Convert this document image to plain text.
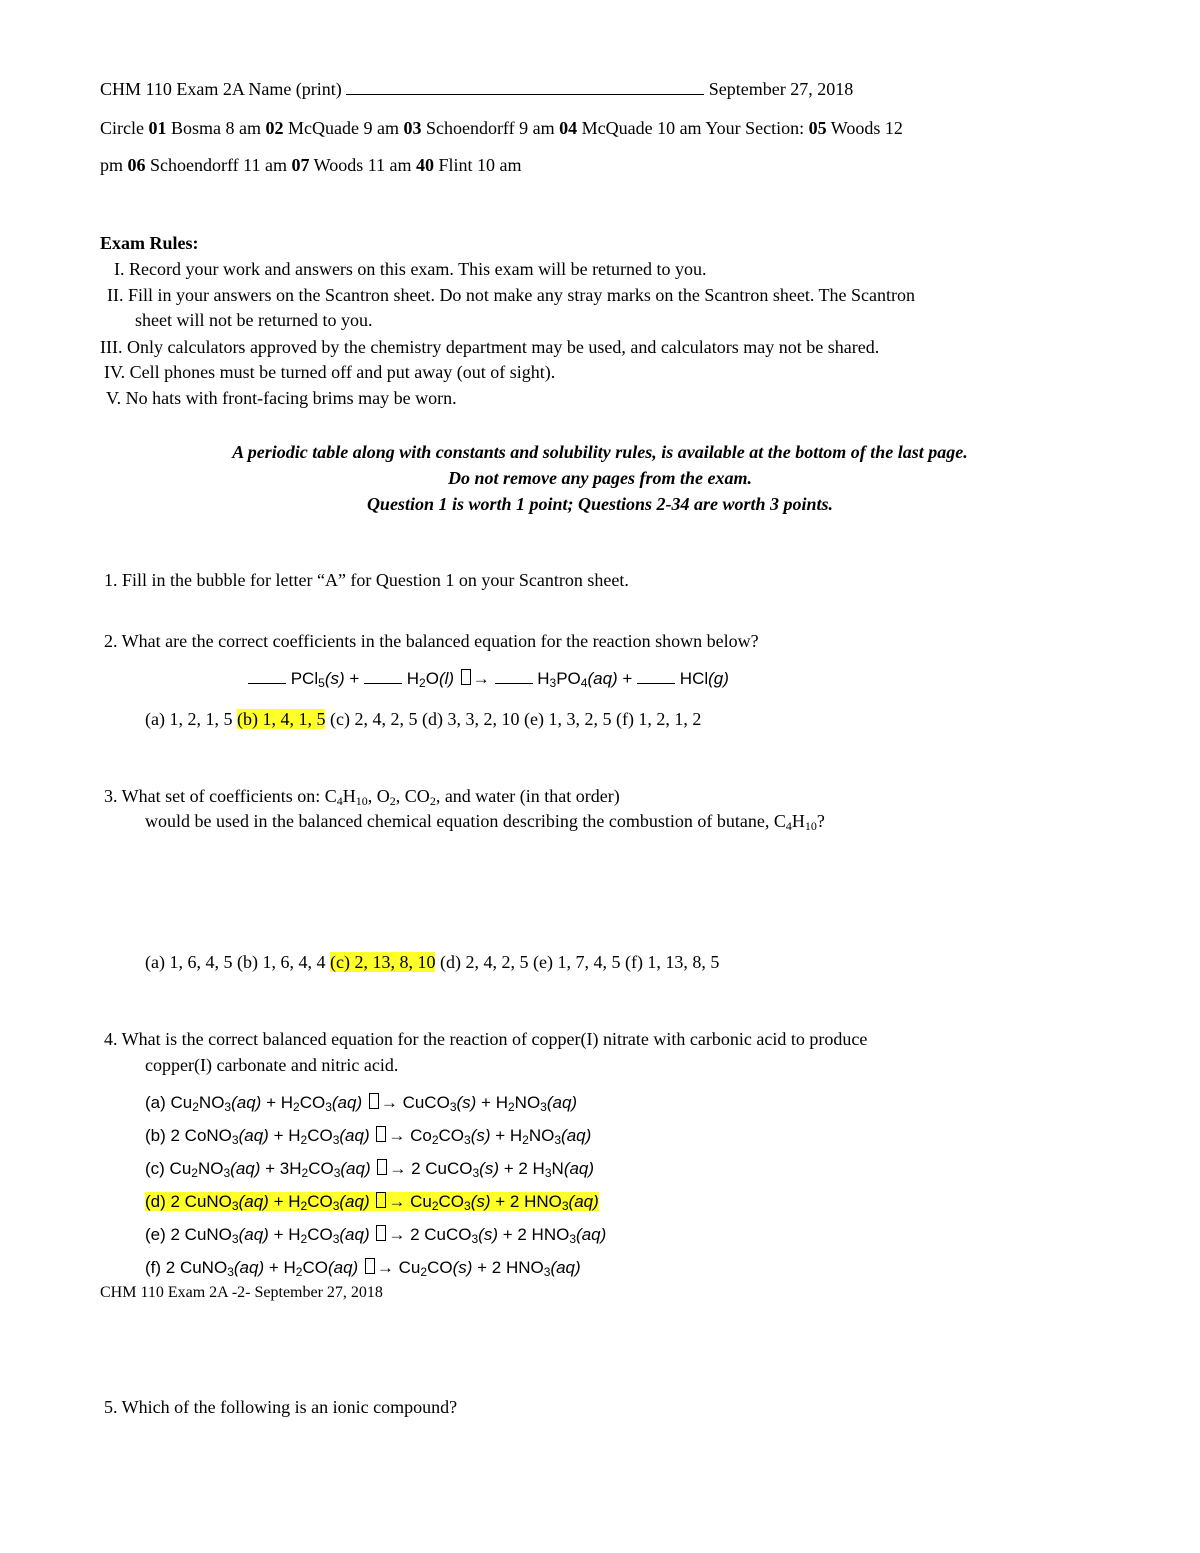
CHM 110 Exam 2A Name (print)	September 27, 2018
Circle 01 Bosma 8 am 02 McQuade 9 am 03 Schoendorff 9 am 04 McQuade 10 am Your Section: 05 Woods 12
pm 06 Schoendorff 11 am 07 Woods 11 am 40 Flint 10 am
Exam Rules:
I. Record your work and answers on this exam. This exam will be returned to you.
II. Fill in your answers on the Scantron sheet. Do not make any stray marks on the Scantron sheet. The Scantron
sheet will not be returned to you.
III. Only calculators approved by the chemistry department may be used, and calculators may not be shared.
IV. Cell phones must be turned off and put away (out of sight).
V. No hats with front-facing brims may be worn.
A periodic table along with constants and solubility rules, is available at the bottom of the last page.
Do not remove any pages from the exam.
Question 1 is worth 1 point; Questions 2-34 are worth 3 points.
1. Fill in the bubble for letter “A” for Question 1 on your Scantron sheet.
2. What are the correct coefficients in the balanced equation for the reaction shown below?
$PCl_5(s) + H_2O(l) \to H_3PO_4(aq) + HCl(g)$
(a) 1, 2, 1, 5 (b) 1, 4, 1, 5 (c) 2, 4, 2, 5 (d) 3, 3, 2, 10 (e) 1, 3, 2, 5 (f) 1, 2, 1, 2
3. What set of coefficients on: $C_4H_{10}$, $O_2$, $CO_2$, and water (in that order)
would be used in the balanced chemical equation describing the combustion of butane, $C_4H_{10}$?
(a) 1, 6, 4, 5 (b) 1, 6, 4, 4 (c) 2, 13, 8, 10 (d) 2, 4, 2, 5 (e) 1, 7, 4, 5 (f) 1, 13, 8, 5
4. What is the correct balanced equation for the reaction of copper(I) nitrate with carbonic acid to produce
copper(I) carbonate and nitric acid.
(a) $Cu_2NO_3(aq) + H_2CO_3(aq)$ → CuCO$_3$(s) + $H_2NO_3(aq)$
(b) 2 CoNO$_3$(aq) + $H_2CO_3(aq) \to Co_2CO_3(s) + H_2NO_3(aq)$
(c) $Cu_2NO_3(aq) + 3H_2CO_3(aq) \to 2$ CuCO$_3$(s) + 2 $H_3N(aq)$
(d) 2 CuNO$_3$(aq) + $H_2CO_3(aq) \to Cu_2CO_3(s) + 2$ $HNO_3(aq)$
(e) 2 CuNO$_3$(aq) + $H_2CO_3(aq) \to 2$ CuCO$_3$(s) + 2 $HNO_3(aq)$
(f) 2 CuNO$_3$(aq) + $H_2CO(aq) \to Cu_2CO(s) + 2$ $HNO_3(aq)$
CHM 110 Exam 2A -2- September 27, 2018
5. Which of the following is an ionic compound?
